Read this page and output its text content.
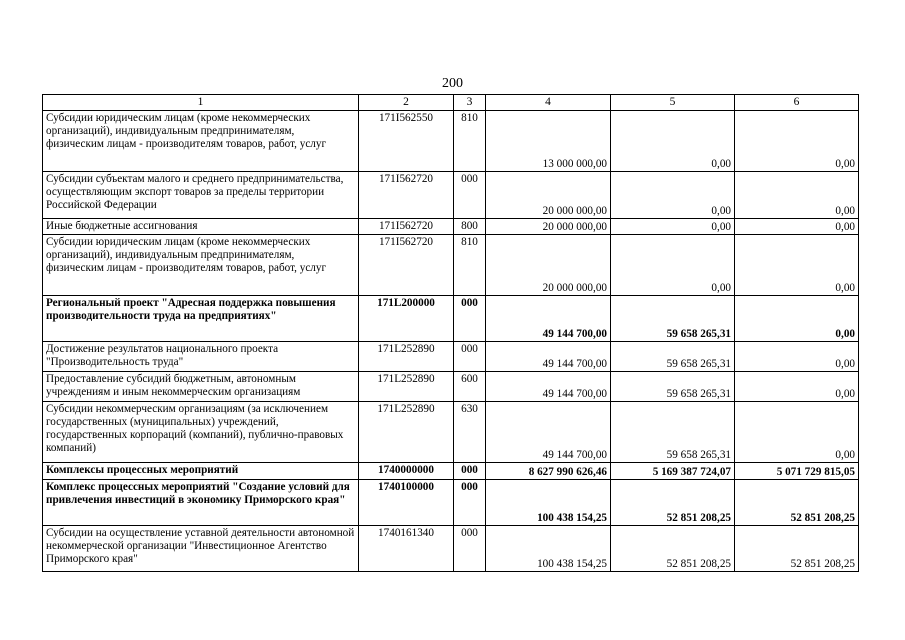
200
1	2	3	4	5	6
Субсидии юридическим лицам (кроме некоммерческих организаций), индивидуальным предпринимателям, физическим лицам - производителям товаров, работ, услуг	171I562550	810	13 000 000,00	0,00	0,00
Субсидии субъектам малого и среднего предпринимательства, осуществляющим экспорт товаров за пределы территории Российской Федерации	171I562720	000	20 000 000,00	0,00	0,00
Иные бюджетные ассигнования	171I562720	800	20 000 000,00	0,00	0,00
Субсидии юридическим лицам (кроме некоммерческих организаций), индивидуальным предпринимателям, физическим лицам - производителям товаров, работ, услуг	171I562720	810	20 000 000,00	0,00	0,00
Региональный проект "Адресная поддержка повышения производительности труда на предприятиях"	171L200000	000	49 144 700,00	59 658 265,31	0,00
Достижение результатов национального проекта "Производительность труда"	171L252890	000	49 144 700,00	59 658 265,31	0,00
Предоставление субсидий бюджетным, автономным учреждениям и иным некоммерческим организациям	171L252890	600	49 144 700,00	59 658 265,31	0,00
Субсидии некоммерческим организациям (за исключением государственных (муниципальных) учреждений, государственных корпораций (компаний), публично-правовых компаний)	171L252890	630	49 144 700,00	59 658 265,31	0,00
Комплексы процессных мероприятий	1740000000	000	8 627 990 626,46	5 169 387 724,07	5 071 729 815,05
Комплекс процессных мероприятий "Создание условий для привлечения инвестиций в экономику Приморского края"	1740100000	000	100 438 154,25	52 851 208,25	52 851 208,25
Субсидии на осуществление уставной деятельности автономной некоммерческой организации "Инвестиционное Агентство Приморского края"	1740161340	000	100 438 154,25	52 851 208,25	52 851 208,25
